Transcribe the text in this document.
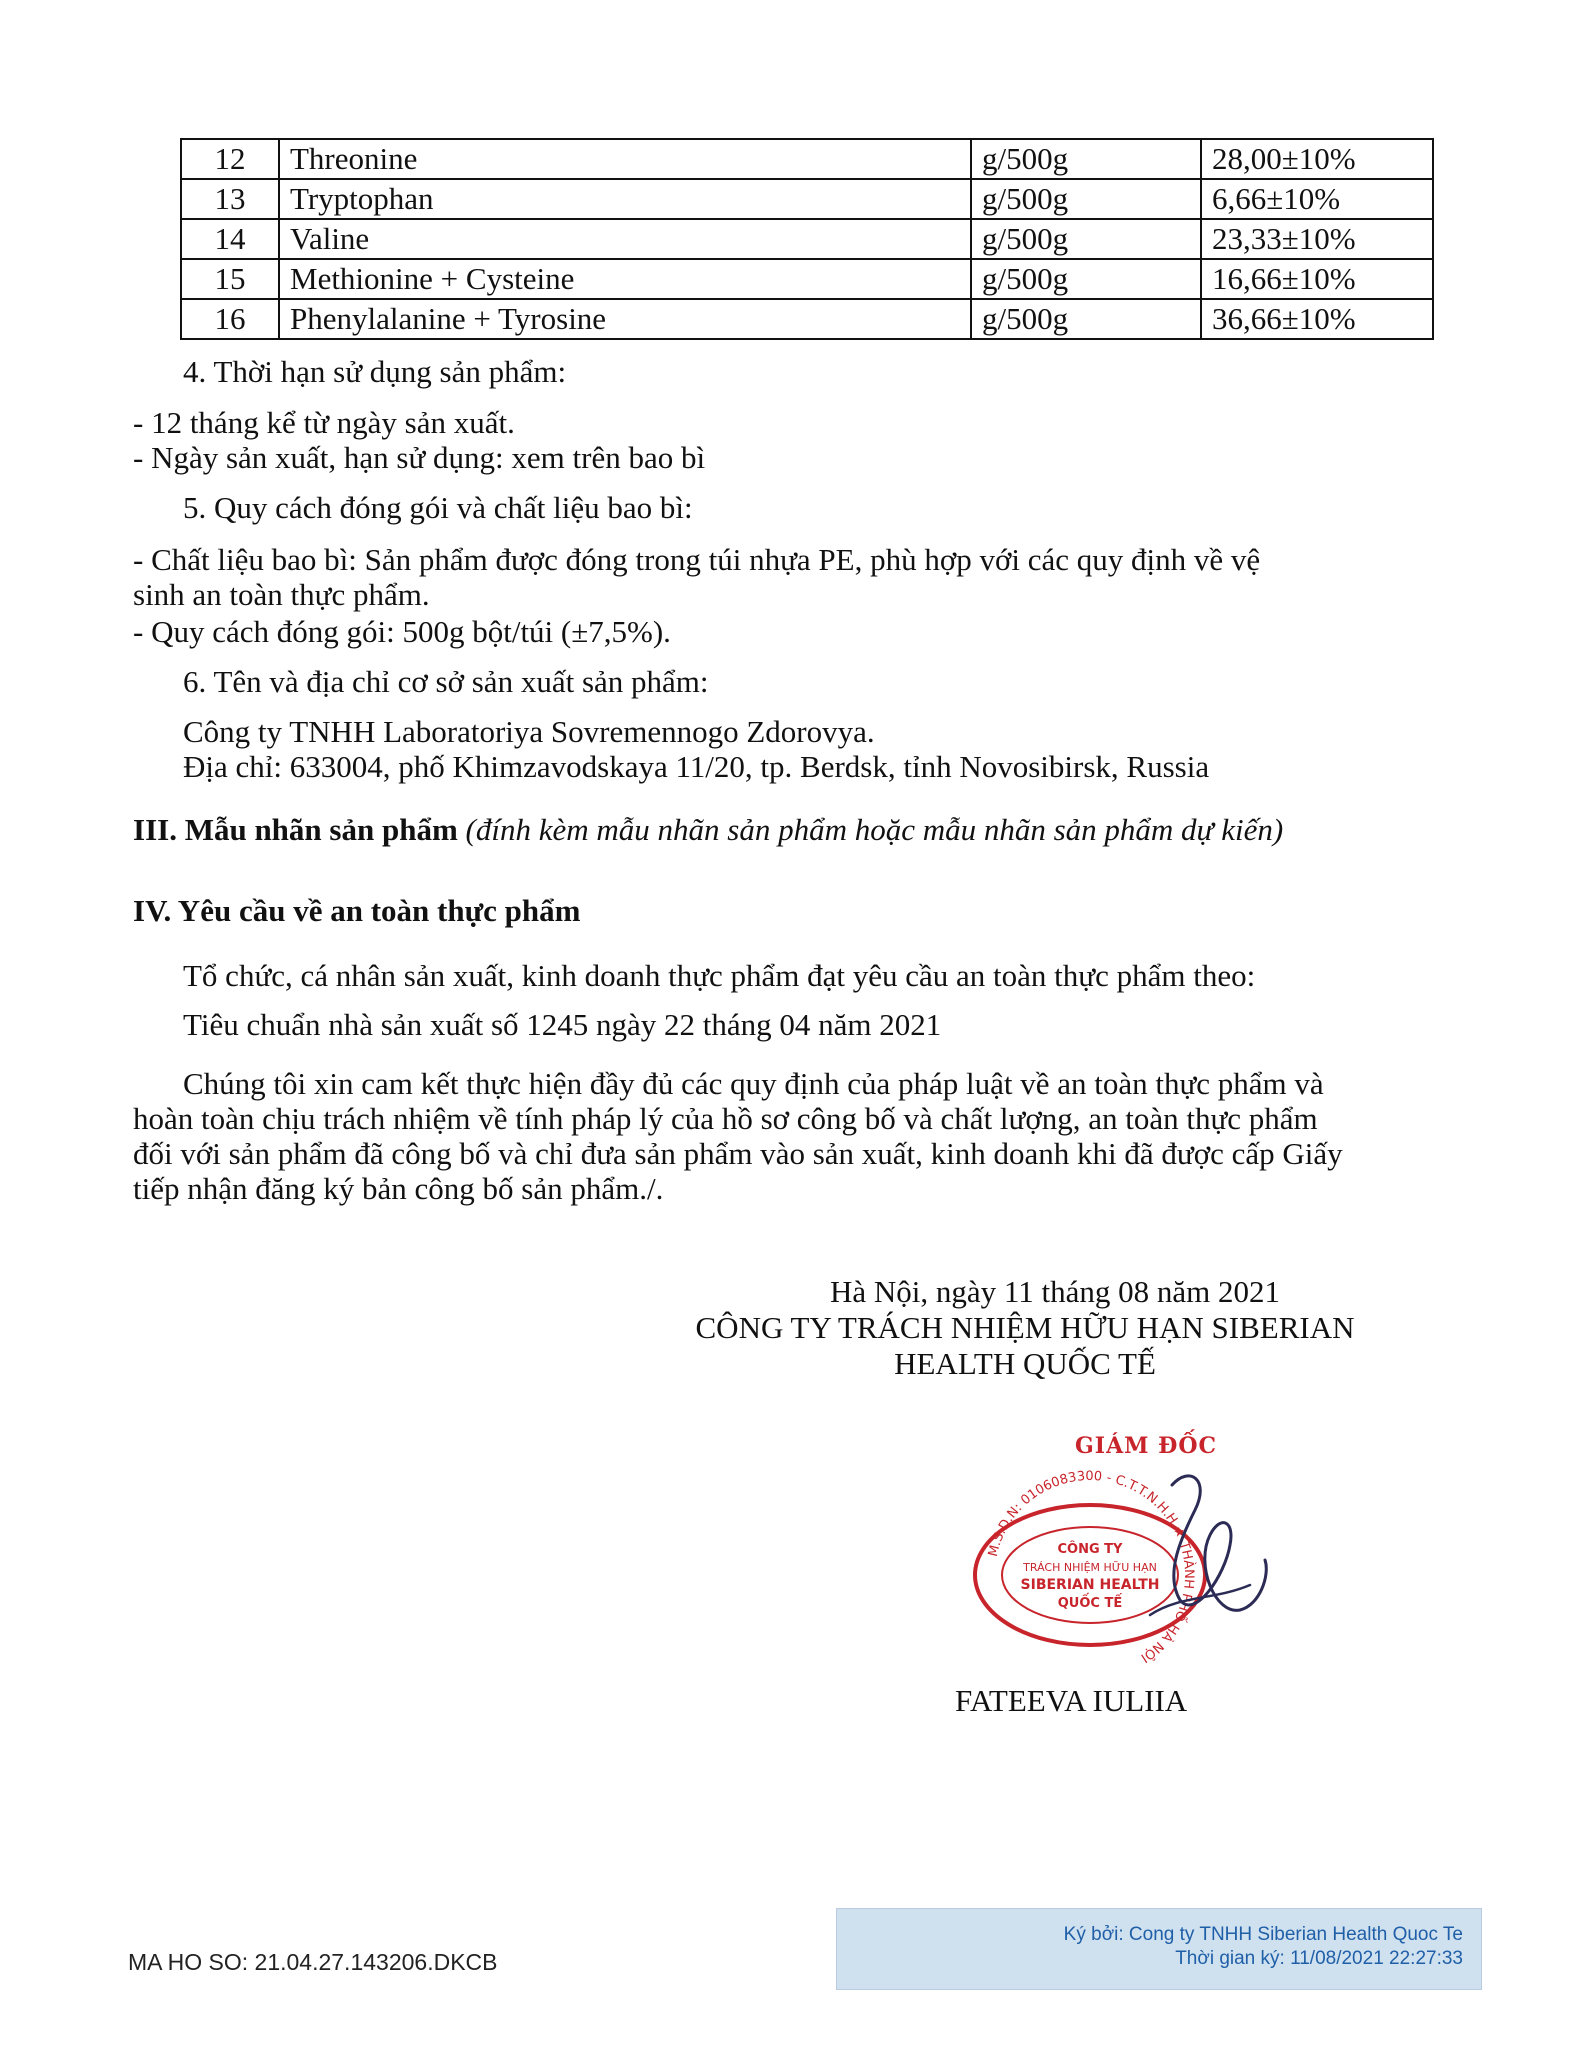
12	Threonine	g/500g	28,00±10%
13	Tryptophan	g/500g	6,66±10%
14	Valine	g/500g	23,33±10%
15	Methionine + Cysteine	g/500g	16,66±10%
16	Phenylalanine + Tyrosine	g/500g	36,66±10%
4. Thời hạn sử dụng sản phẩm:
- 12 tháng kể từ ngày sản xuất.
- Ngày sản xuất, hạn sử dụng: xem trên bao bì
5. Quy cách đóng gói và chất liệu bao bì:
- Chất liệu bao bì: Sản phẩm được đóng trong túi nhựa PE, phù hợp với các quy định về vệ
sinh an toàn thực phẩm.
- Quy cách đóng gói: 500g bột/túi (±7,5%).
6. Tên và địa chỉ cơ sở sản xuất sản phẩm:
Công ty TNHH Laboratoriya Sovremennogo Zdorovya.
Địa chỉ: 633004, phố Khimzavodskaya 11/20, tp. Berdsk, tỉnh Novosibirsk, Russia
III. Mẫu nhãn sản phẩm (đính kèm mẫu nhãn sản phẩm hoặc mẫu nhãn sản phẩm dự kiến)
IV. Yêu cầu về an toàn thực phẩm
Tổ chức, cá nhân sản xuất, kinh doanh thực phẩm đạt yêu cầu an toàn thực phẩm theo:
Tiêu chuẩn nhà sản xuất số 1245 ngày 22 tháng 04 năm 2021
Chúng tôi xin cam kết thực hiện đầy đủ các quy định của pháp luật về an toàn thực phẩm và
hoàn toàn chịu trách nhiệm về tính pháp lý của hồ sơ công bố và chất lượng, an toàn thực phẩm
đối với sản phẩm đã công bố và chỉ đưa sản phẩm vào sản xuất, kinh doanh khi đã được cấp Giấy
tiếp nhận đăng ký bản công bố sản phẩm./.
Hà Nội, ngày 11 tháng 08 năm 2021
CÔNG TY TRÁCH NHIỆM HỮU HẠN SIBERIAN
HEALTH QUỐC TẾ
GIÁM ĐỐC
M.S.D.N: 0106083300 - C.T.T.N.H.H ★ THÀNH PHỐ HÀ NỘI
CÔNG TY
TRÁCH NHIỆM HỮU HẠN
SIBERIAN HEALTH
QUỐC TẾ
FATEEVA IULIIA
MA HO SO: 21.04.27.143206.DKCB
Ký bởi: Cong ty TNHH Siberian Health Quoc Te
Thời gian ký: 11/08/2021 22:27:33
